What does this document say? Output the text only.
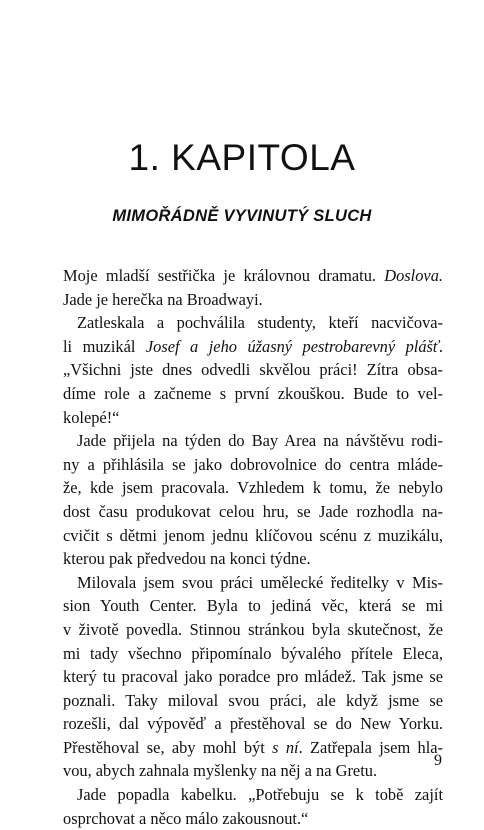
1. KAPITOLA
MIMOŘÁDNĚ VYVINUTÝ SLUCH
Moje mladší sestřička je královnou dramatu. Doslova.
Jade je herečka na Broadwayi.
Zatleskala a pochválila studenty, kteří nacvičova-
li muzikál Josef a jeho úžasný pestrobarevný plášť.
„Všichni jste dnes odvedli skvělou práci! Zítra obsa-
díme role a začneme s první zkouškou. Bude to vel-
kolepé!“
Jade přijela na týden do Bay Area na návštěvu rodi-
ny a přihlásila se jako dobrovolnice do centra mláde-
že, kde jsem pracovala. Vzhledem k tomu, že nebylo
dost času produkovat celou hru, se Jade rozhodla na-
cvičit s dětmi jenom jednu klíčovou scénu z muzikálu,
kterou pak předvedou na konci týdne.
Milovala jsem svou práci umělecké ředitelky v Mis-
sion Youth Center. Byla to jediná věc, která se mi
v životě povedla. Stinnou stránkou byla skutečnost, že
mi tady všechno připomínalo bývalého přítele Eleca,
který tu pracoval jako poradce pro mládež. Tak jsme se
poznali. Taky miloval svou práci, ale když jsme se
rozešli, dal výpověď a přestěhoval se do New Yorku.
Přestěhoval se, aby mohl být s ní. Zatřepala jsem hla-
vou, abych zahnala myšlenky na něj a na Gretu.
Jade popadla kabelku. „Potřebuju se k tobě zajít
osprchovat a něco málo zakousnout.“
9
